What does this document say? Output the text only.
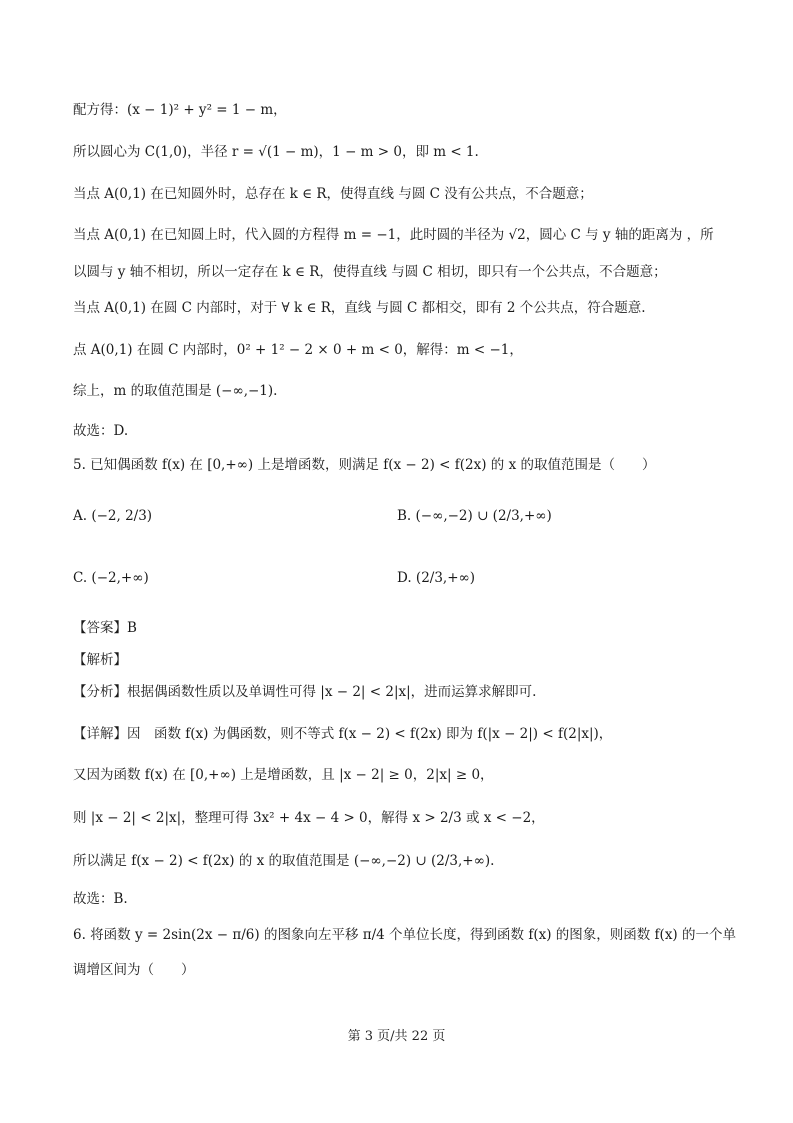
配方得：(x − 1)² + y² = 1 − m，
所以圆心为 C(1,0)，半径 r = √(1 − m)，1 − m > 0，即 m < 1.
当点 A(0,1) 在已知圆外时，总存在 k ∈ R，使得直线 与圆 C 没有公共点，不合题意；
当点 A(0,1) 在已知圆上时，代入圆的方程得 m = −1，此时圆的半径为 √2，圆心 C 与 y 轴的距离为 ，所
以圆与 y 轴不相切，所以一定存在 k ∈ R，使得直线 与圆 C 相切，即只有一个公共点，不合题意；
当点 A(0,1) 在圆 C 内部时，对于 ∀ k ∈ R，直线 与圆 C 都相交，即有 2 个公共点，符合题意.
点 A(0,1) 在圆 C 内部时，0² + 1² − 2 × 0 + m < 0，解得：m < −1，
综上，m 的取值范围是 (−∞,−1).
故选：D.
5. 已知偶函数 f(x) 在 [0,+∞) 上是增函数，则满足 f(x − 2) < f(2x) 的 x 的取值范围是（　　）
A. (−2, 2/3)	B. (−∞,−2) ∪ (2/3,+∞)
C. (−2,+∞)	D. (2/3,+∞)
【答案】B
【解析】
【分析】根据偶函数性质以及单调性可得 |x − 2| < 2|x|，进而运算求解即可.
【详解】因　函数 f(x) 为偶函数，则不等式 f(x − 2) < f(2x) 即为 f(|x − 2|) < f(2|x|)，
又因为函数 f(x) 在 [0,+∞) 上是增函数，且 |x − 2| ≥ 0，2|x| ≥ 0，
则 |x − 2| < 2|x|，整理可得 3x² + 4x − 4 > 0，解得 x > 2/3 或 x < −2，
所以满足 f(x − 2) < f(2x) 的 x 的取值范围是 (−∞,−2) ∪ (2/3,+∞).
故选：B.
6. 将函数 y = 2sin(2x − π/6) 的图象向左平移 π/4 个单位长度，得到函数 f(x) 的图象，则函数 f(x) 的一个单
调增区间为（　　）
第 3 页/共 22 页
